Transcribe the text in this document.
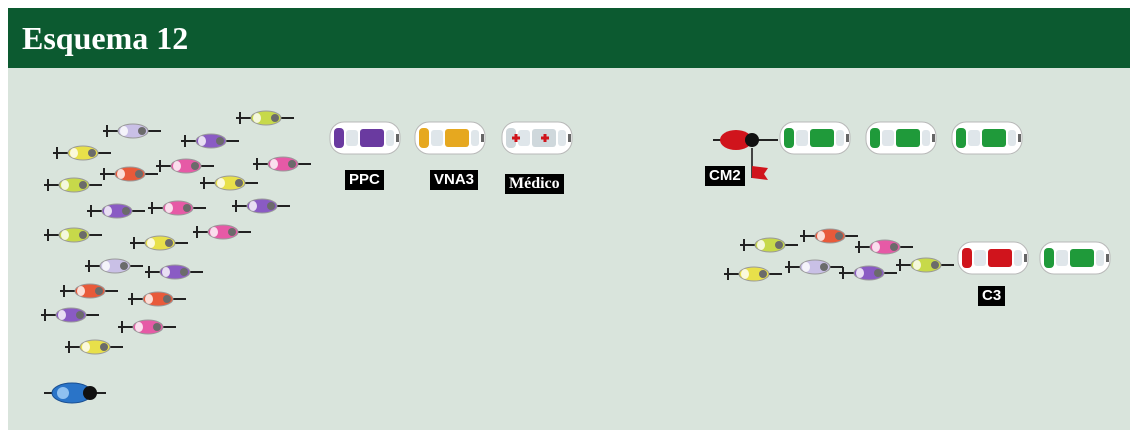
Esquema 12
PPC	VNA3 Médico	CM2
C3
